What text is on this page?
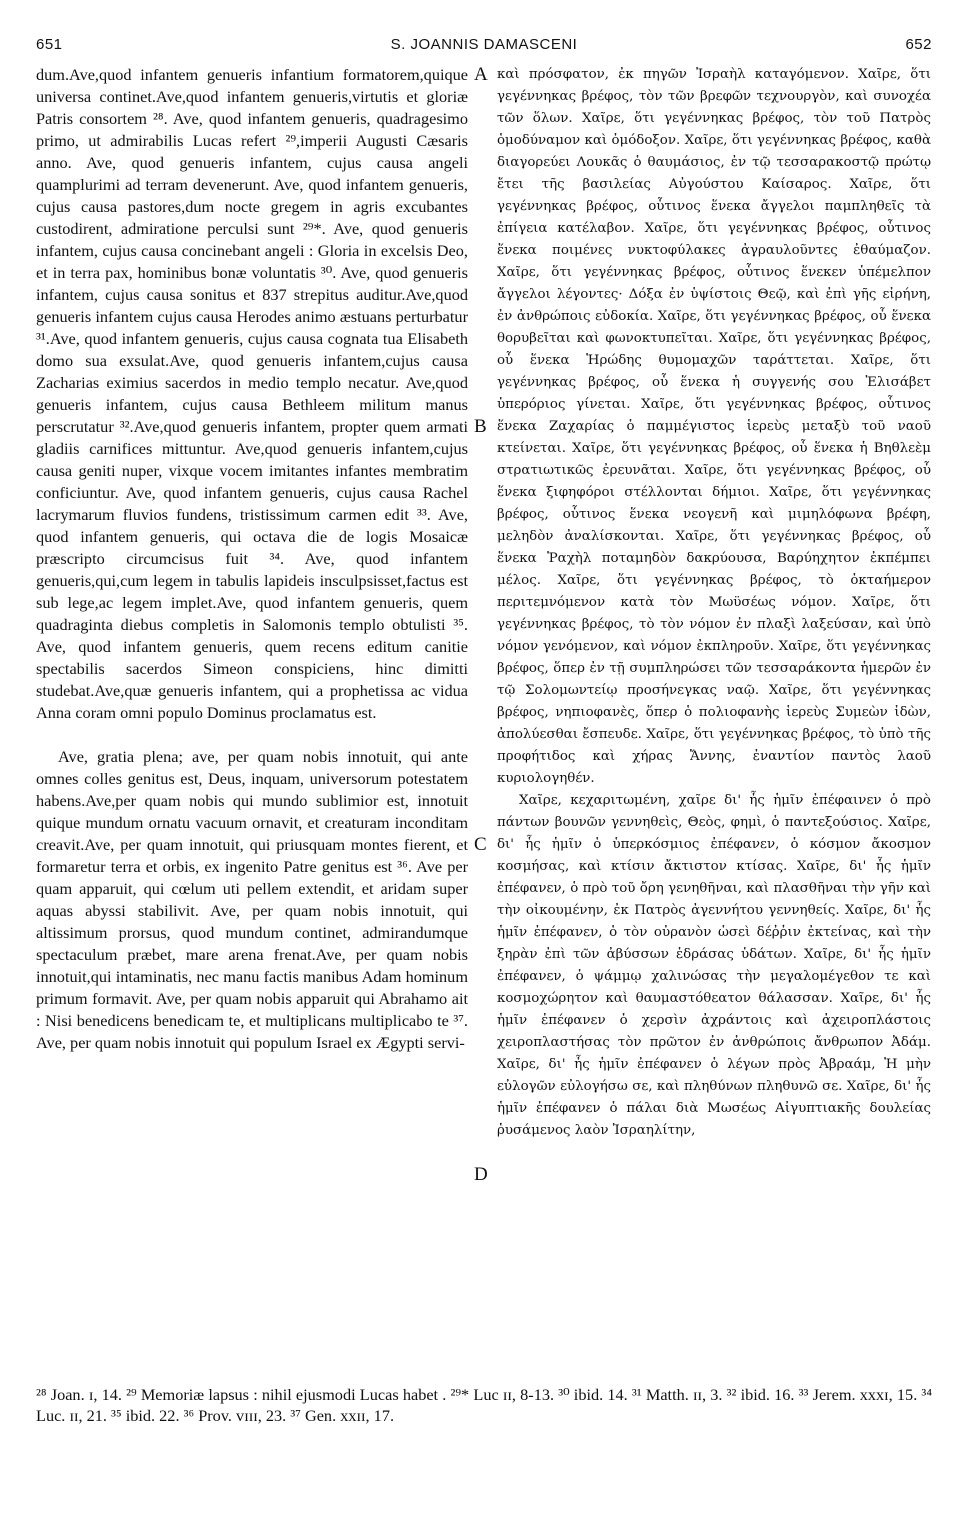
651	S. JOANNIS DAMASCENI	652

dum.Ave,quod infantem genueris infantium formatorem,quique universa continet.Ave,quod infantem genueris,virtutis et gloriæ Patris consortem ²⁸. Ave, quod infantem genueris, quadragesimo primo, ut admirabilis Lucas refert ²⁹,imperii Augusti Cæsaris anno. Ave, quod genueris infantem, cujus causa angeli quamplurimi ad terram devenerunt. Ave, quod infantem genueris, cujus causa pastores,dum nocte gregem in agris excubantes custodirent, admiratione perculsi sunt ²⁹*. Ave, quod genueris infantem, cujus causa concinebant angeli : Gloria in excelsis Deo, et in terra pax, hominibus bonæ voluntatis ³⁰. Ave, quod genueris infantem, cujus causa sonitus et 837 strepitus auditur.Ave,quod genueris infantem cujus causa Herodes animo æstuans perturbatur ³¹.Ave, quod infantem genueris, cujus causa cognata tua Elisabeth domo sua exsulat.Ave, quod genueris infantem,cujus causa Zacharias eximius sacerdos in medio templo necatur. Ave,quod genueris infantem, cujus causa Bethleem militum manus perscrutatur ³².Ave,quod genueris infantem, propter quem armati gladiis carnifices mittuntur. Ave,quod genueris infantem,cujus causa geniti nuper, vixque vocem imitantes infantes membratim conficiuntur. Ave, quod infantem genueris, cujus causa Rachel lacrymarum fluvios fundens, tristissimum carmen edit ³³. Ave, quod infantem genueris, qui octava die de logis Mosaicæ præscripto circumcisus fuit ³⁴. Ave, quod infantem genueris,qui,cum legem in tabulis lapideis insculpsisset,factus est sub lege,ac legem implet.Ave, quod infantem genueris, quem quadraginta diebus completis in Salomonis templo obtulisti ³⁵. Ave, quod infantem genueris, quem recens editum canitie spectabilis sacerdos Simeon conspiciens, hinc dimitti studebat.Ave,quæ genueris infantem, qui a prophetissa ac vidua Anna coram omni populo Dominus proclamatus est.

Ave, gratia plena; ave, per quam nobis innotuit, qui ante omnes colles genitus est, Deus, inquam, universorum potestatem habens.Ave,per quam nobis qui mundo sublimior est, innotuit quique mundum ornatu vacuum ornavit, et creaturam inconditam creavit.Ave, per quam innotuit, qui priusquam montes fierent, et formaretur terra et orbis, ex ingenito Patre genitus est ³⁶. Ave per quam apparuit, qui cœlum uti pellem extendit, et aridam super aquas abyssi stabilivit. Ave, per quam nobis innotuit, qui altissimum prorsus, quod mundum continet, admirandumque spectaculum præbet, mare arena frenat.Ave, per quam nobis innotuit,qui intaminatis, nec manu factis manibus Adam hominum primum formavit. Ave, per quam nobis apparuit qui Abrahamo ait : Nisi benedicens benedicam te, et multiplicans multiplicabo te ³⁷. Ave, per quam nobis innotuit qui populum Israel ex Ægypti servi-

A
B
C
D

καὶ πρόσφατον, ἐκ πηγῶν Ἰσραὴλ καταγόμενον. Χαῖρε, ὅτι γεγέννηκας βρέφος, τὸν τῶν βρεφῶν τεχνουργὸν, καὶ συνοχέα τῶν ὅλων. Χαῖρε, ὅτι γεγέννηκας βρέφος, τὸν τοῦ Πατρὸς ὁμοδύναμον καὶ ὁμόδοξον. Χαῖρε, ὅτι γεγέννηκας βρέφος, καθὰ διαγορεύει Λουκᾶς ὁ θαυμάσιος, ἐν τῷ τεσσαρακοστῷ πρώτῳ ἔτει τῆς βασιλείας Αὐγούστου Καίσαρος. Χαῖρε, ὅτι γεγέννηκας βρέφος, οὗτινος ἕνεκα ἄγγελοι παμπληθεῖς τὰ ἐπίγεια κατέλαβον. Χαῖρε, ὅτι γεγέννηκας βρέφος, οὗτινος ἕνεκα ποιμένες νυκτοφύλακες ἀγραυλοῦντες ἐθαύμαζον. Χαῖρε, ὅτι γεγέννηκας βρέφος, οὗτινος ἕνεκεν ὑπέμελπον ἄγγελοι λέγοντες· Δόξα ἐν ὑψίστοις Θεῷ, καὶ ἐπὶ γῆς εἰρήνη, ἐν ἀνθρώποις εὐδοκία. Χαῖρε, ὅτι γεγέννηκας βρέφος, οὗ ἕνεκα θορυβεῖται καὶ φωνοκτυπεῖται. Χαῖρε, ὅτι γεγέννηκας βρέφος, οὗ ἕνεκα Ἡρώδης θυμομαχῶν ταράττεται. Χαῖρε, ὅτι γεγέννηκας βρέφος, οὗ ἕνεκα ἡ συγγενής σου Ἐλισάβετ ὑπερόριος γίνεται. Χαῖρε, ὅτι γεγέννηκας βρέφος, οὗτινος ἕνεκα Ζαχαρίας ὁ παμμέγιστος ἱερεὺς μεταξὺ τοῦ ναοῦ κτείνεται. Χαῖρε, ὅτι γεγέννηκας βρέφος, οὗ ἕνεκα ἡ Βηθλεὲμ στρατιωτικῶς ἐρευνᾶται. Χαῖρε, ὅτι γεγέννηκας βρέφος, οὗ ἕνεκα ξιφηφόροι στέλλονται δήμιοι. Χαῖρε, ὅτι γεγέννηκας βρέφος, οὗτινος ἕνεκα νεογενῆ καὶ μιμηλόφωνα βρέφη, μεληδὸν ἀναλίσκονται. Χαῖρε, ὅτι γεγέννηκας βρέφος, οὗ ἕνεκα Ῥαχὴλ ποταμηδὸν δακρύουσα, Βαρύηχητον ἐκπέμπει μέλος. Χαῖρε, ὅτι γεγέννηκας βρέφος, τὸ ὀκταήμερον περιτεμνόμενον κατὰ τὸν Μωϋσέως νόμον. Χαῖρε, ὅτι γεγέννηκας βρέφος, τὸ τὸν νόμον ἐν πλαξὶ λαξεύσαν, καὶ ὑπὸ νόμον γενόμενον, καὶ νόμον ἐκπληροῦν. Χαῖρε, ὅτι γεγέννηκας βρέφος, ὅπερ ἐν τῇ συμπληρώσει τῶν τεσσαράκοντα ἡμερῶν ἐν τῷ Σολομωντείῳ προσήνεγκας ναῷ. Χαῖρε, ὅτι γεγέννηκας βρέφος, νηπιοφανὲς, ὅπερ ὁ πολιοφανὴς ἱερεὺς Συμεὼν ἰδὼν, ἀπολύεσθαι ἔσπευδε. Χαῖρε, ὅτι γεγέννηκας βρέφος, τὸ ὑπὸ τῆς προφήτιδος καὶ χήρας Ἄννης, ἐναντίον παντὸς λαοῦ κυριολογηθέν.

Χαῖρε, κεχαριτωμένη, χαῖρε δι' ἧς ἡμῖν ἐπέφαινεν ὁ πρὸ πάντων βουνῶν γεννηθεὶς, Θεὸς, φημὶ, ὁ παντεξούσιος. Χαῖρε, δι' ἧς ἡμῖν ὁ ὑπερκόσμιος ἐπέφανεν, ὁ κόσμον ἄκοσμον κοσμήσας, καὶ κτίσιν ἄκτιστον κτίσας. Χαῖρε, δι' ἧς ἡμῖν ἐπέφανεν, ὁ πρὸ τοῦ ὄρη γενηθῆναι, καὶ πλασθῆναι τὴν γῆν καὶ τὴν οἰκουμένην, ἐκ Πατρὸς ἀγεννήτου γεννηθείς. Χαῖρε, δι' ἧς ἡμῖν ἐπέφανεν, ὁ τὸν οὐρανὸν ὡσεὶ δέῤῥιν ἐκτείνας, καὶ τὴν ξηρὰν ἐπὶ τῶν ἀβύσσων ἑδράσας ὑδάτων. Χαῖρε, δι' ἧς ἡμῖν ἐπέφανεν, ὁ ψάμμῳ χαλινώσας τὴν μεγαλομέγεθον τε καὶ κοσμοχώρητον καὶ θαυμαστόθεατον θάλασσαν. Χαῖρε, δι' ἧς ἡμῖν ἐπέφανεν ὁ χερσὶν ἀχράντοις καὶ ἀχειροπλάστοις χειροπλαστήσας τὸν πρῶτον ἐν ἀνθρώποις ἄνθρωπον Ἀδάμ. Χαῖρε, δι' ἧς ἡμῖν ἐπέφανεν ὁ λέγων πρὸς Ἀβραάμ, Ἡ μὴν εὐλογῶν εὐλογήσω σε, καὶ πληθύνων πληθυνῶ σε. Χαῖρε, δι' ἧς ἡμῖν ἐπέφανεν ὁ πάλαι διὰ Μωσέως Αἰγυπτιακῆς δουλείας ῥυσάμενος λαὸν Ἰσραηλίτην,

²⁸ Joan. ɪ, 14. ²⁹ Memoriæ lapsus : nihil ejusmodi Lucas habet . ²⁹* Luc ɪɪ, 8-13. ³⁰ ibid. 14. ³¹ Matth. ɪɪ, 3. ³² ibid. 16. ³³ Jerem. xxxɪ, 15. ³⁴ Luc. ɪɪ, 21. ³⁵ ibid. 22. ³⁶ Prov. vɪɪɪ, 23. ³⁷ Gen. xxɪɪ, 17.
